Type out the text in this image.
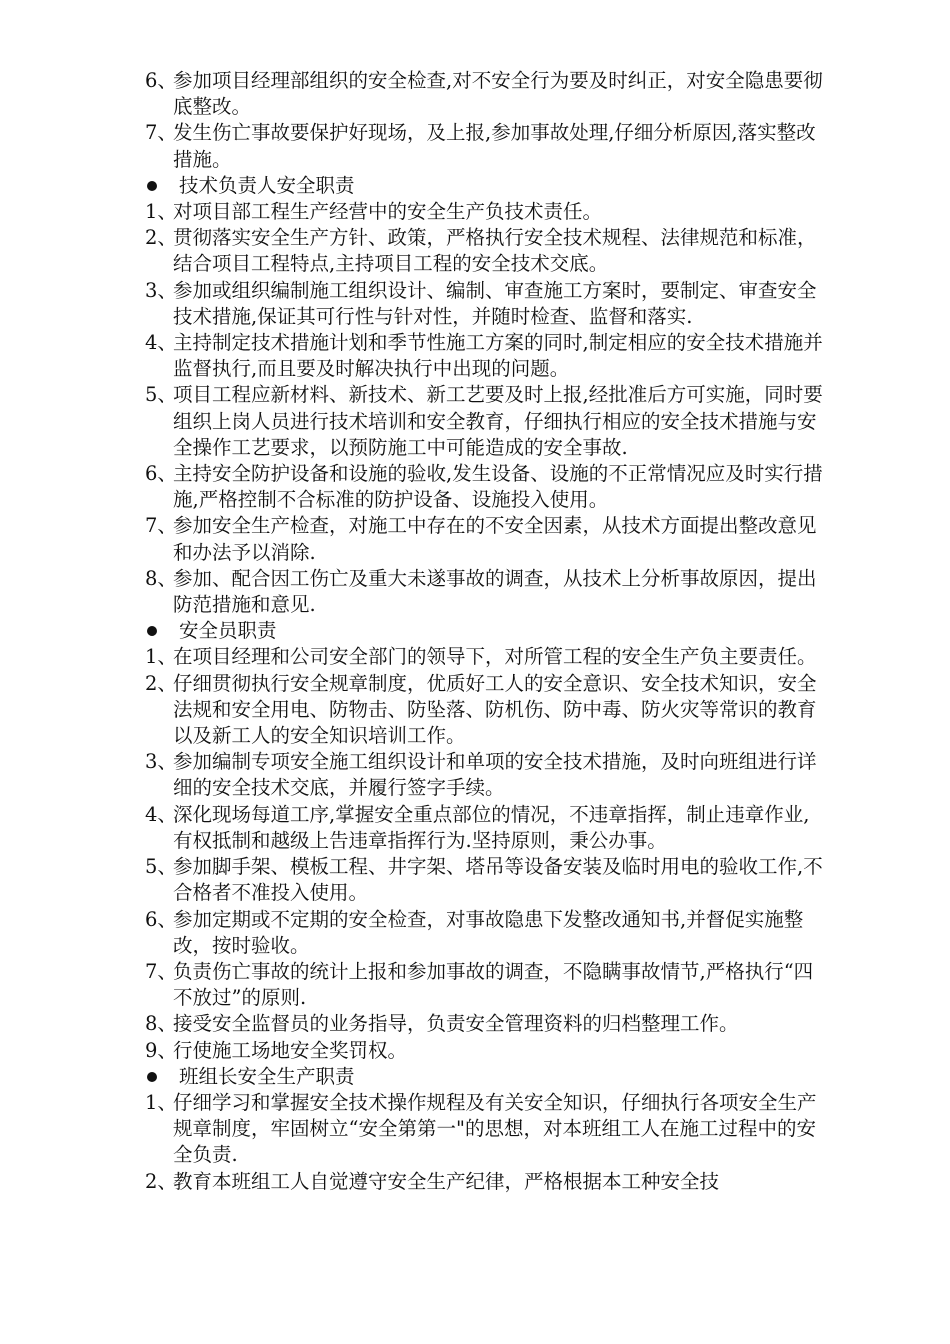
6、
参加项目经理部组织的安全检查,对不安全行为要及时纠正，对安全隐患要彻底整改。
7、
发生伤亡事故要保护好现场，及上报,参加事故处理,仔细分析原因,落实整改措施。
技术负责人安全职责
1、
对项目部工程生产经营中的安全生产负技术责任。
2、
贯彻落实安全生产方针、政策，严格执行安全技术规程、法律规范和标准，结合项目工程特点,主持项目工程的安全技术交底。
3、
参加或组织编制施工组织设计、编制、审查施工方案时，要制定、审查安全技术措施,保证其可行性与针对性，并随时检查、监督和落实.
4、
主持制定技术措施计划和季节性施工方案的同时,制定相应的安全技术措施并监督执行,而且要及时解决执行中出现的问题。
5、
项目工程应新材料、新技术、新工艺要及时上报,经批准后方可实施，同时要组织上岗人员进行技术培训和安全教育，仔细执行相应的安全技术措施与安全操作工艺要求，以预防施工中可能造成的安全事故.
6、
主持安全防护设备和设施的验收,发生设备、设施的不正常情况应及时实行措施,严格控制不合标准的防护设备、设施投入使用。
7、
参加安全生产检查，对施工中存在的不安全因素，从技术方面提出整改意见和办法予以消除.
8、
参加、配合因工伤亡及重大未遂事故的调查，从技术上分析事故原因，提出防范措施和意见.
安全员职责
1、
在项目经理和公司安全部门的领导下，对所管工程的安全生产负主要责任。
2、
仔细贯彻执行安全规章制度，优质好工人的安全意识、安全技术知识，安全法规和安全用电、防物击、防坠落、防机伤、防中毒、防火灾等常识的教育以及新工人的安全知识培训工作。
3、
参加编制专项安全施工组织设计和单项的安全技术措施，及时向班组进行详细的安全技术交底，并履行签字手续。
4、
深化现场每道工序,掌握安全重点部位的情况，不违章指挥，制止违章作业,有权抵制和越级上告违章指挥行为.坚持原则，秉公办事。
5、
参加脚手架、模板工程、井字架、塔吊等设备安装及临时用电的验收工作,不合格者不准投入使用。
6、
参加定期或不定期的安全检查，对事故隐患下发整改通知书,并督促实施整改，按时验收。
7、
负责伤亡事故的统计上报和参加事故的调查，不隐瞒事故情节,严格执行“四不放过”的原则.
8、
接受安全监督员的业务指导，负责安全管理资料的归档整理工作。
9、
行使施工场地安全奖罚权。
班组长安全生产职责
1、
仔细学习和掌握安全技术操作规程及有关安全知识，仔细执行各项安全生产规章制度，牢固树立“安全第第一"的思想，对本班组工人在施工过程中的安全负责.
2、
教育本班组工人自觉遵守安全生产纪律，严格根据本工种安全技
